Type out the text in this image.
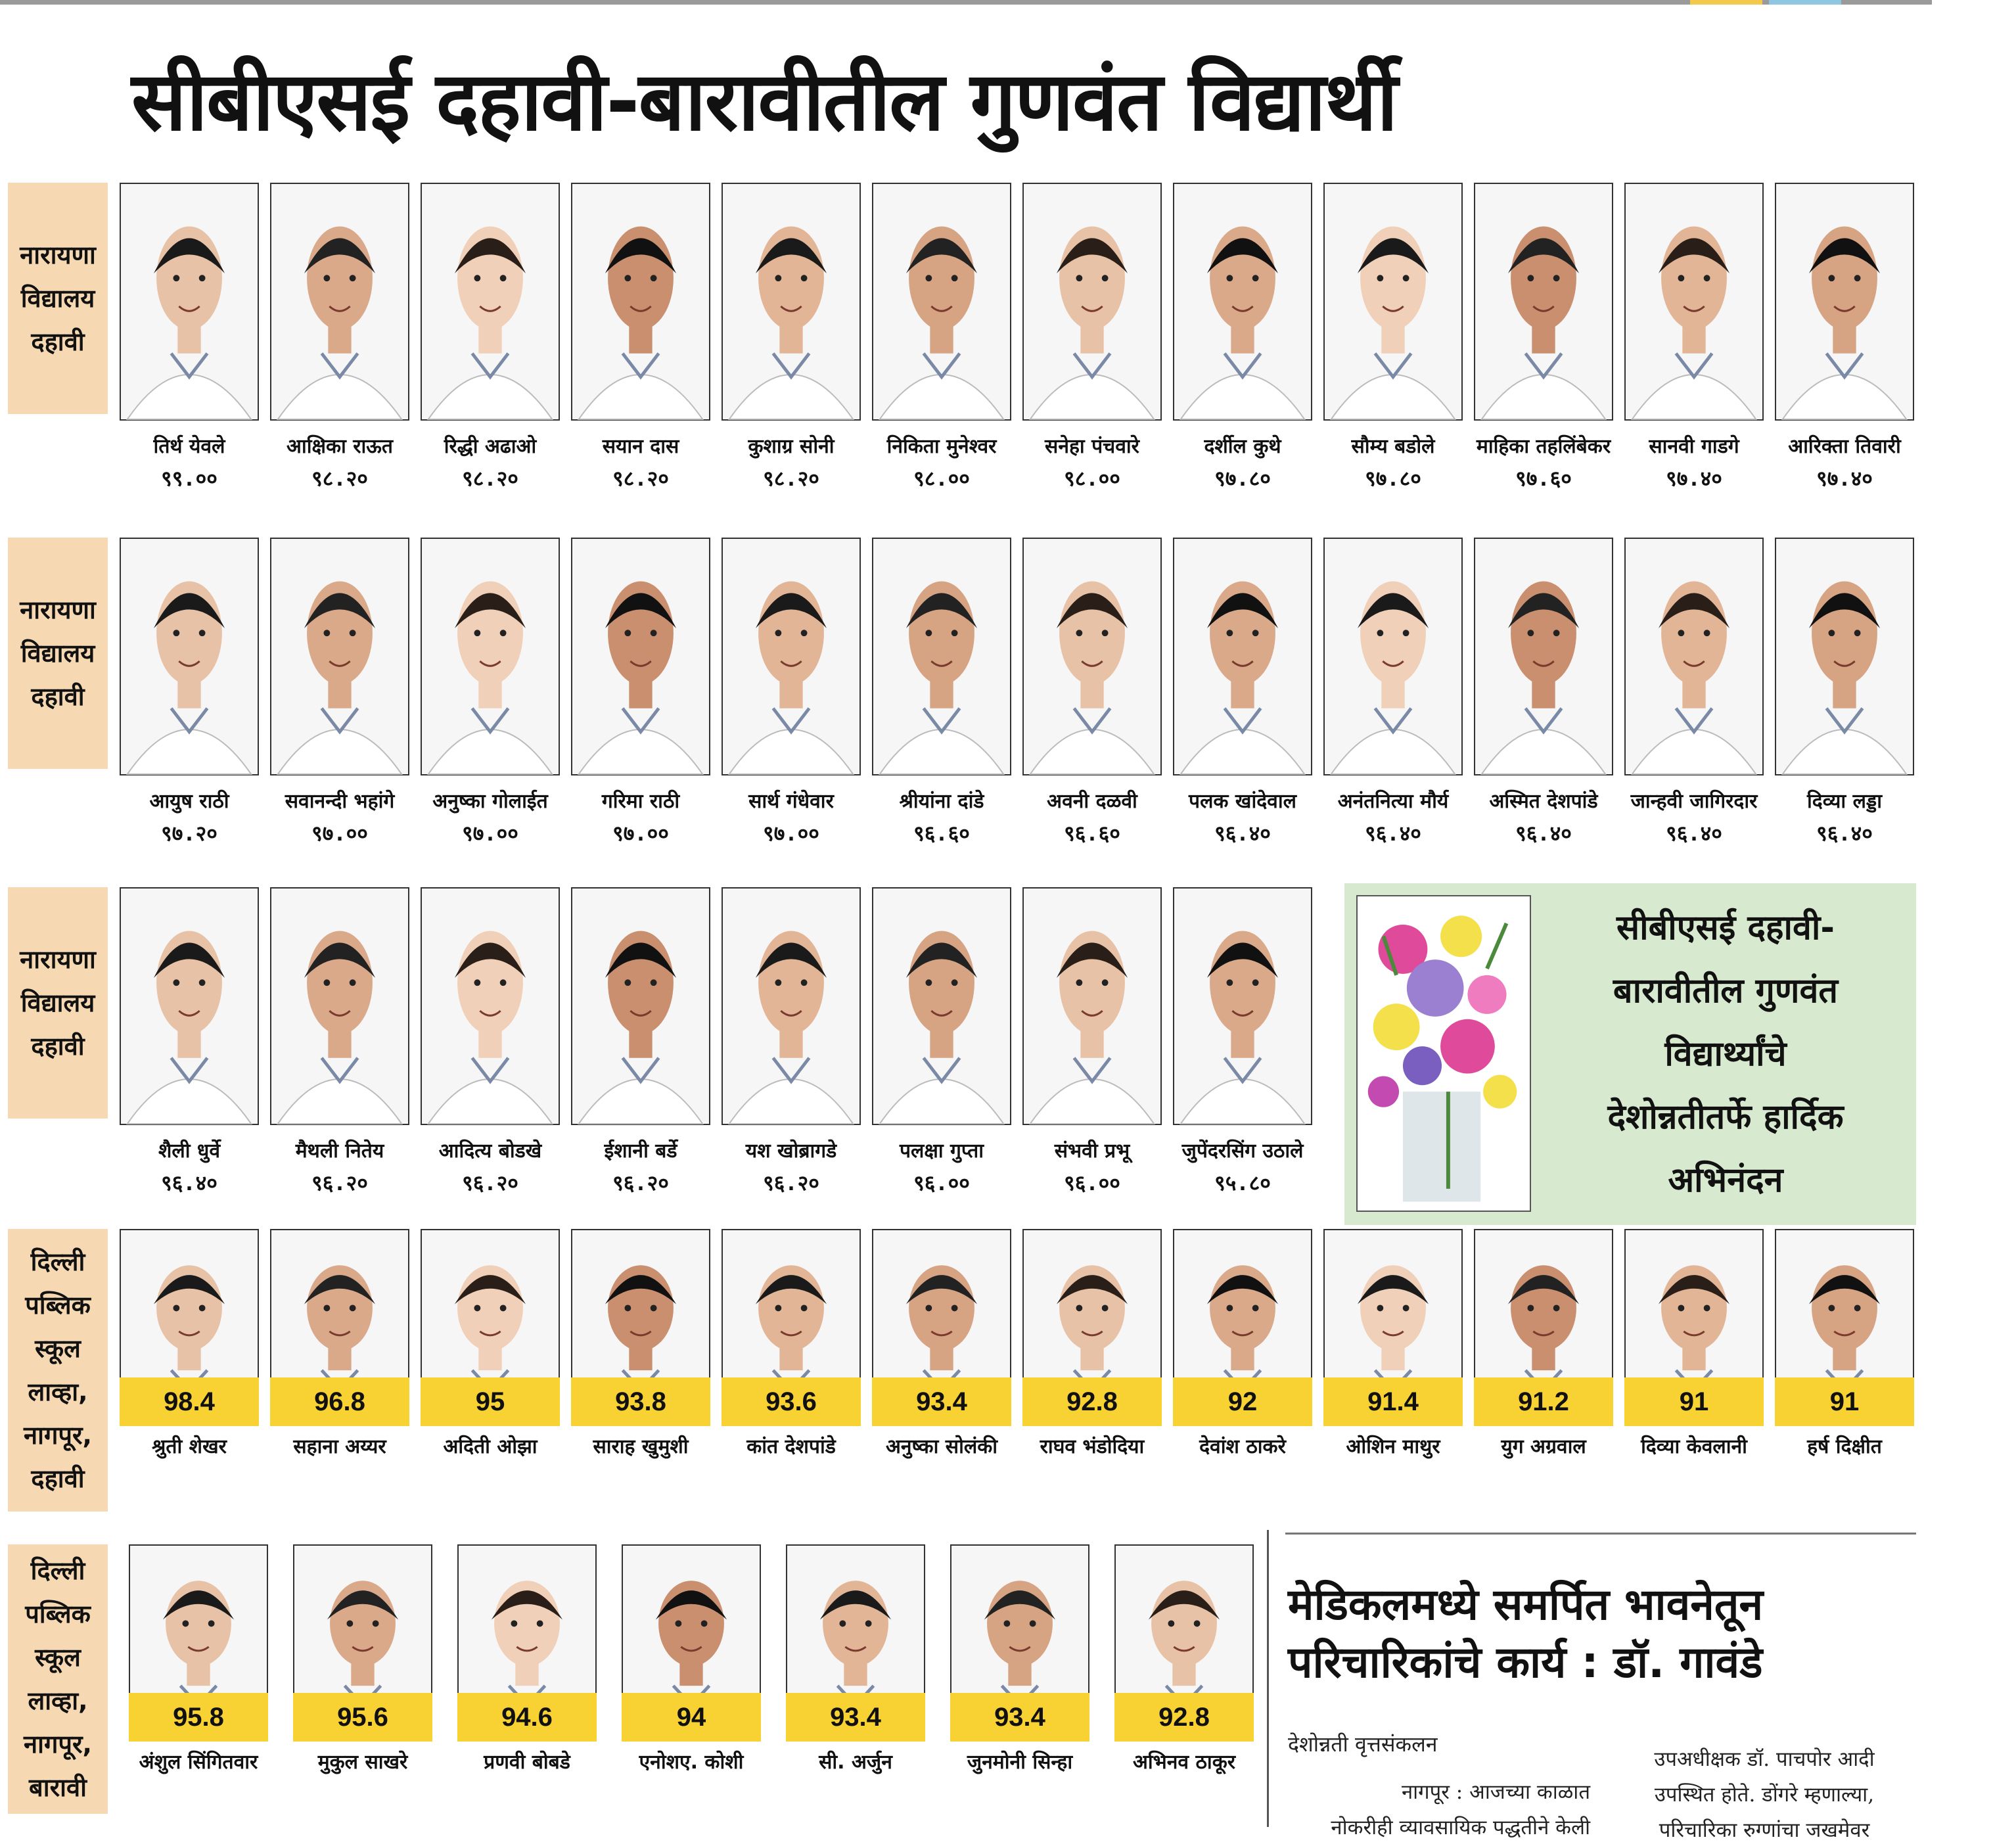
सीबीएसई दहावी-बारावीतील गुणवंत विद्यार्थी
नारायणा
विद्यालय
दहावी
तिर्थ येवले
९९.००
आक्षिका राऊत
९८.२०
रिद्धी अढाओ
९८.२०
सयान दास
९८.२०
कुशाग्र सोनी
९८.२०
निकिता मुनेश्वर
९८.००
सनेहा पंचवारे
९८.००
दर्शील कुथे
९७.८०
सौम्य बडोले
९७.८०
माहिका तहलिंबेकर
९७.६०
सानवी गाडगे
९७.४०
आरिक्ता तिवारी
९७.४०
नारायणा
विद्यालय
दहावी
आयुष राठी
९७.२०
सवानन्दी भहांगे
९७.००
अनुष्का गोलाईत
९७.००
गरिमा राठी
९७.००
सार्थ गंधेवार
९७.००
श्रीयांना दांडे
९६.६०
अवनी दळवी
९६.६०
पलक खांदेवाल
९६.४०
अनंतनित्या मौर्य
९६.४०
अस्मित देशपांडे
९६.४०
जान्हवी जागिरदार
९६.४०
दिव्या लड्डा
९६.४०
नारायणा
विद्यालय
दहावी
शैली धुर्वे
९६.४०
मैथली नितेय
९६.२०
आदित्य बोडखे
९६.२०
ईशानी बर्डे
९६.२०
यश खोब्रागडे
९६.२०
पलक्षा गुप्ता
९६.००
संभवी प्रभू
९६.००
जुपेंदरसिंग उठाले
९५.८०
दिल्ली
पब्लिक
स्कूल
लाव्हा,
नागपूर,
दहावी
98.4
श्रुती शेखर
96.8
सहाना अय्यर
95
अदिती ओझा
93.8
साराह खुमुशी
93.6
कांत देशपांडे
93.4
अनुष्का सोलंकी
92.8
राघव भंडोदिया
92
देवांश ठाकरे
91.4
ओशिन माथुर
91.2
युग अग्रवाल
91
दिव्या केवलानी
91
हर्ष दिक्षीत
दिल्ली
पब्लिक
स्कूल
लाव्हा,
नागपूर,
बारावी
95.8
अंशुल सिंगितवार
95.6
मुकुल साखरे
94.6
प्रणवी बोबडे
94
एनोशए. कोशी
93.4
सी. अर्जुन
93.4
जुनमोनी सिन्हा
92.8
अभिनव ठाकूर
सीबीएसई दहावी-
बारावीतील गुणवंत
विद्यार्थ्यांचे
देशोन्नतीतर्फे हार्दिक
अभिनंदन
मेडिकलमध्ये समर्पित भावनेतून
परिचारिकांचे कार्य : डॉ. गावंडे
देशोन्नती वृत्तसंकलन
नागपूर : आजच्या काळात
नोकरीही व्यावसायिक पद्धतीने केली
उपअधीक्षक डॉ. पाचपोर आदी
उपस्थित होते. डोंगरे म्हणाल्या,
परिचारिका रुग्णांचा जखमेवर
